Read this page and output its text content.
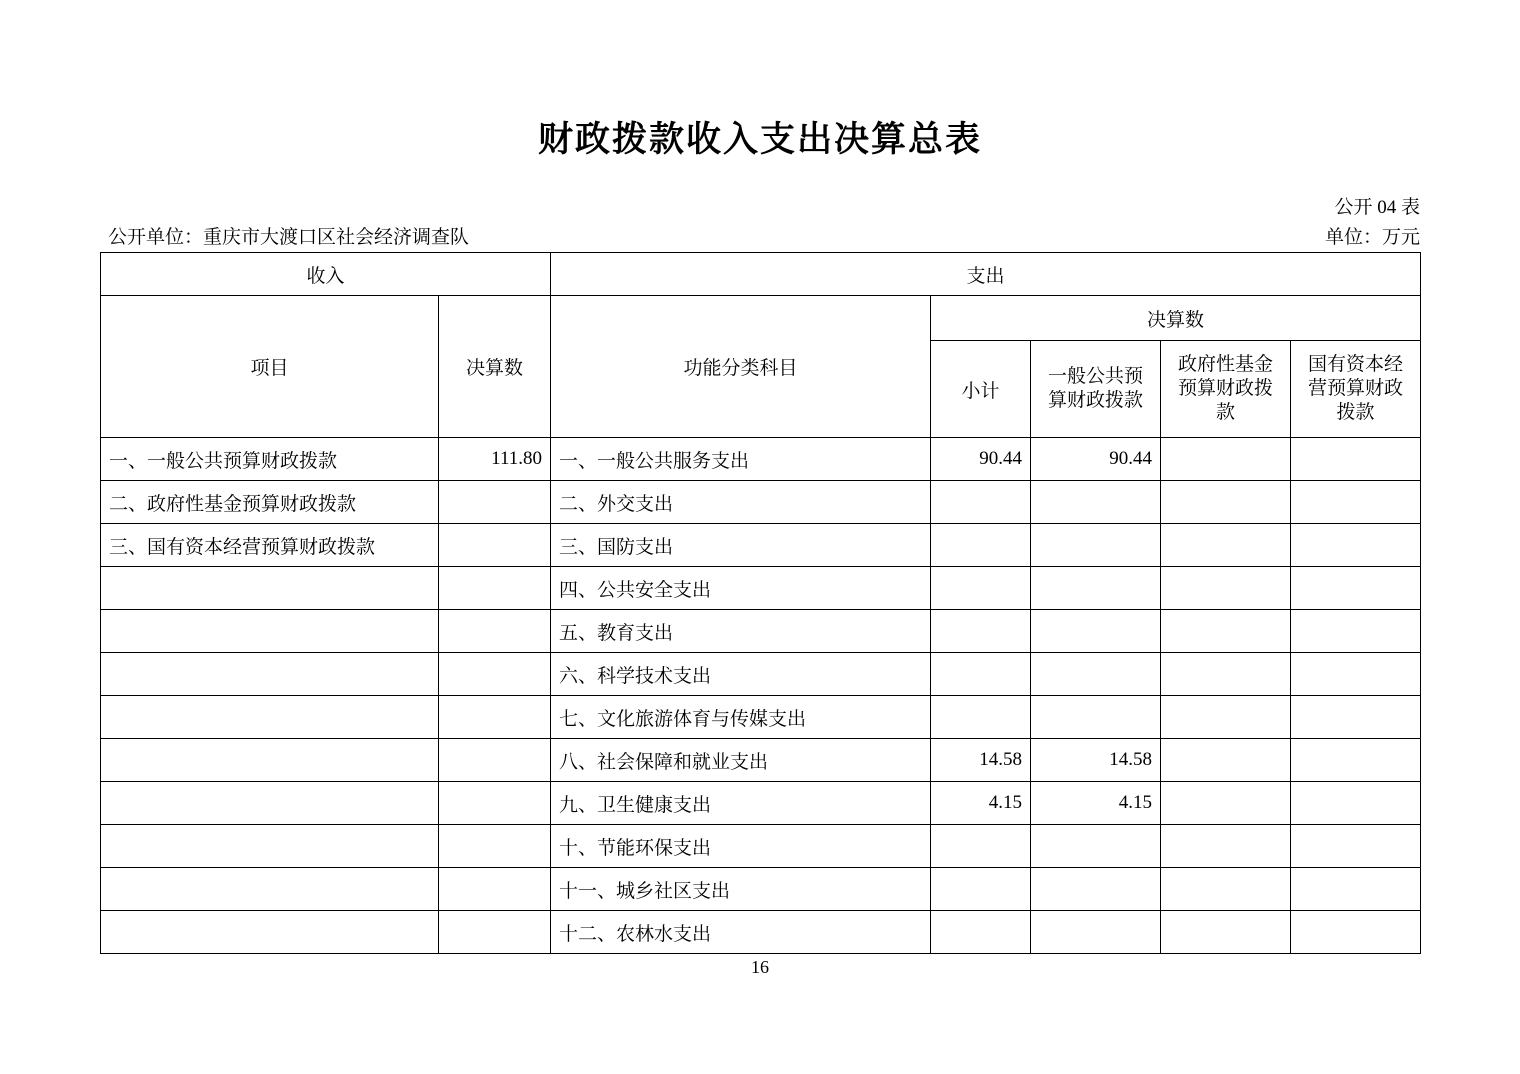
财政拨款收入支出决算总表
公开 04 表
公开单位：重庆市大渡口区社会经济调查队	单位：万元
收入		支出				
项目	决算数	功能分类科目	决算数			
			小计	一般公共预算财政拨款	政府性基金预算财政拨款	国有资本经营预算财政拨款
一、一般公共预算财政拨款	111.80	一、一般公共服务支出	90.44	90.44		
二、政府性基金预算财政拨款		二、外交支出				
三、国有资本经营预算财政拨款		三、国防支出				
		四、公共安全支出				
		五、教育支出				
		六、科学技术支出				
		七、文化旅游体育与传媒支出				
		八、社会保障和就业支出	14.58	14.58		
		九、卫生健康支出	4.15	4.15		
		十、节能环保支出				
		十一、城乡社区支出				
		十二、农林水支出				
16
